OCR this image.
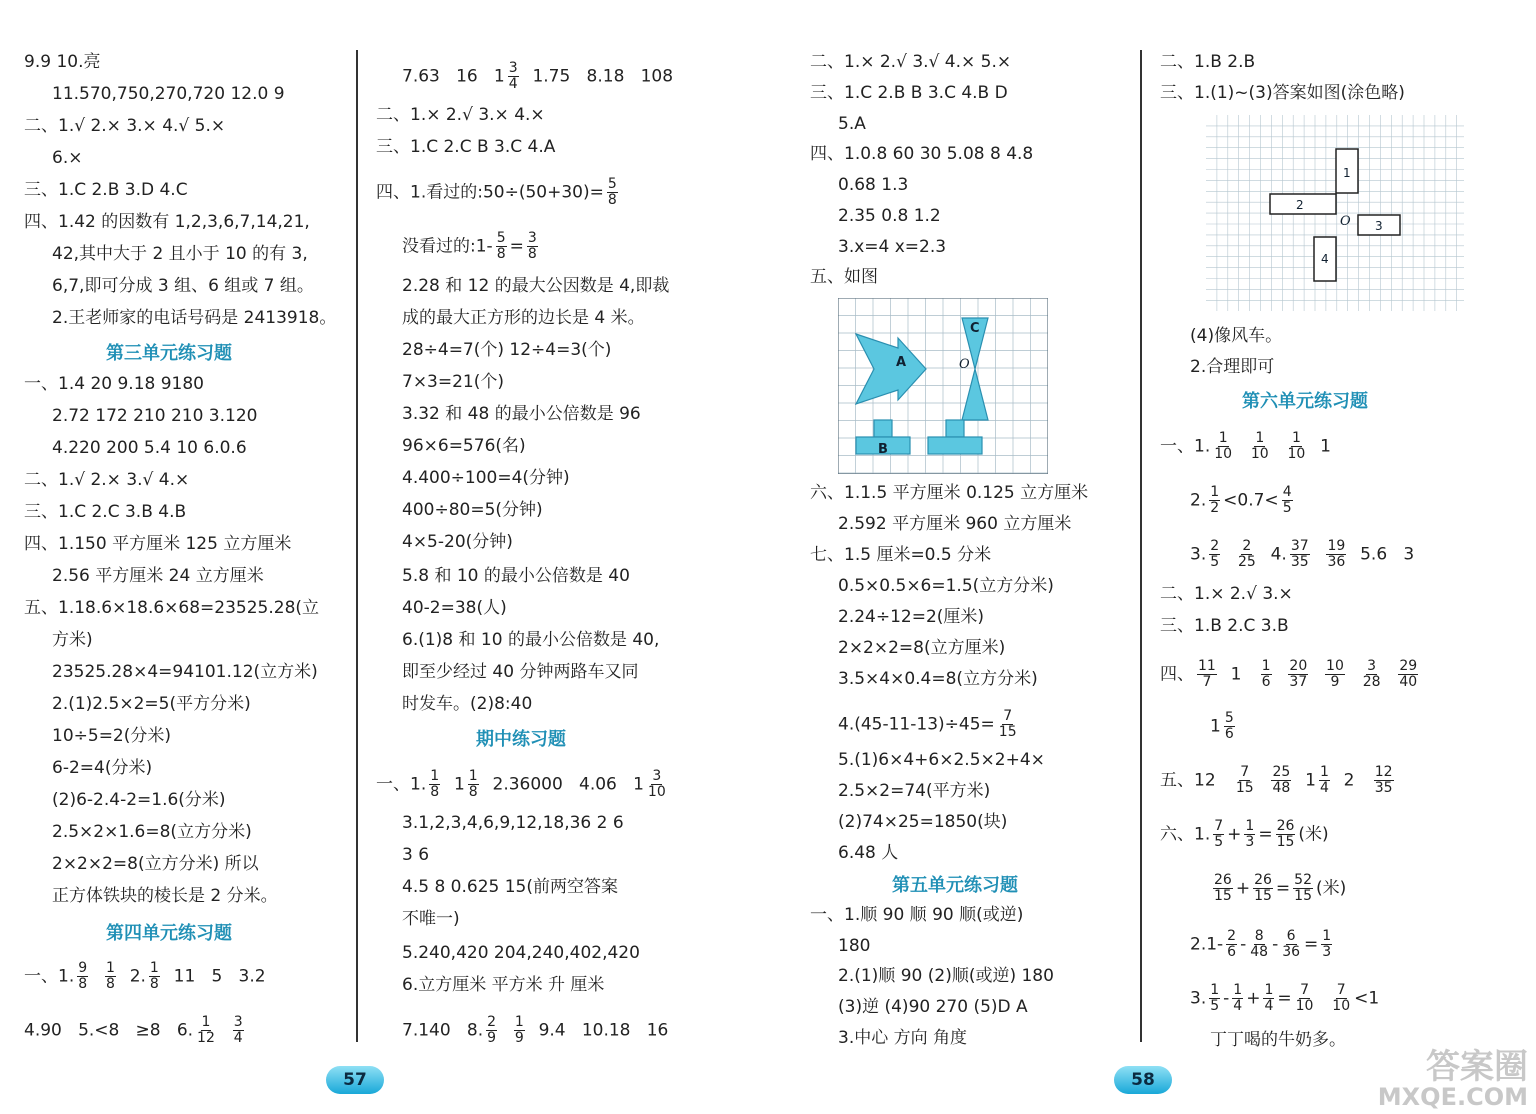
9.9 10.亮
11.570,750,270,720 12.0 9
二、1.√ 2.× 3.× 4.√ 5.×
6.×
三、1.C 2.B 3.D 4.C
四、1.42 的因数有 1,2,3,6,7,14,21,
42,其中大于 2 且小于 10 的有 3,
6,7,即可分成 3 组、6 组或 7 组。
2.王老师家的电话号码是 2413918。
第三单元练习题
一、1.4 20 9.18 9180
2.72 172 210 210 3.120
4.220 200 5.4 10 6.0.6
二、1.√ 2.× 3.√ 4.×
三、1.C 2.C 3.B 4.B
四、1.150 平方厘米 125 立方厘米
2.56 平方厘米 24 立方厘米
五、1.18.6×18.6×68=23525.28(立
方米)
23525.28×4=94101.12(立方米)
2.(1)2.5×2=5(平方分米)
10÷5=2(分米)
6-2=4(分米)
(2)6-2.4-2=1.6(分米)
2.5×2×1.6=8(立方分米)
2×2×2=8(立方分米) 所以
正方体铁块的棱长是 2 分米。
第四单元练习题
一、1. $\frac{9}{8}$
$\frac{1}{8} 2$. $\frac{1}{8} 11$   5   3.2
4.90   5.<8   ≥8   6. $\frac{1}{12}$
$\frac{3}{4}$
7.63   16   $1 \frac{3}{4} 1.75$   8.18   108
二、1.× 2.√ 3.× 4.×
三、1.C 2.C B 3.C 4.A
四、1.看过的:50÷(50+30)= $\frac{5}{8}$
没看过的:1- $\frac{5}{8} = \frac{3}{8}$
2.28 和 12 的最大公因数是 4,即裁
成的最大正方形的边长是 4 米。
28÷4=7(个) 12÷4=3(个)
7×3=21(个)
3.32 和 48 的最小公倍数是 96
96×6=576(名)
4.400÷100=4(分钟)
400÷80=5(分钟)
4×5-20(分钟)
5.8 和 10 的最小公倍数是 40
40-2=38(人)
6.(1)8 和 10 的最小公倍数是 40,
即至少经过 40 分钟两路车又同
时发车。(2)8:40
期中练习题
一、1. $\frac{1}{8} 1 \frac{1}{8} 2.36000$   4.06   $1 \frac{3}{10}$
3.1,2,3,4,6,9,12,18,36 2 6
3 6
4.5 8 0.625 15(前两空答案
不唯一)
5.240,420 204,240,402,420
6.立方厘米 平方米 升 厘米
7.140   8. $\frac{2}{9}$
$\frac{1}{9} 9.4$   10.18   16
二、1.× 2.√ 3.√ 4.× 5.×
三、1.C 2.B B 3.C 4.B D
5.A
四、1.0.8 60 30 5.08 8 4.8
0.68 1.3
2.35 0.8 1.2
3.x=4 x=2.3
五、如图
六、1.1.5 平方厘米 0.125 立方厘米
2.592 平方厘米 960 立方厘米
七、1.5 厘米=0.5 分米
0.5×0.5×6=1.5(立方分米)
2.24÷12=2(厘米)
2×2×2=8(立方厘米)
3.5×4×0.4=8(立方分米)
$4.(45-11-13)\div 45= \frac{7}{15}$
5.(1)6×4+6×2.5×2+4×
2.5×2=74(平方米)
(2)74×25=1850(块)
6.48 人
第五单元练习题
一、1.顺 90 顺 90 顺(或逆)
180
2.(1)顺 90 (2)顺(或逆) 180
(3)逆 (4)90 270 (5)D A
3.中心 方向 角度
二、1.B 2.B
三、1.(1)~(3)答案如图(涂色略)
(4)像风车。
2.合理即可
第六单元练习题
一、1. $\frac{1}{10}$
$\frac{1}{10}$
$\frac{1}{10} 1$
2. $\frac{1}{2} <0.7< \frac{4}{5}$
3. $\frac{2}{5}$
$\frac{2}{25} 4$. $\frac{37}{35}$
$\frac{19}{36} 5.6$   3
二、1.× 2.√ 3.×
三、1.B 2.C 3.B
四、 $\frac{11}{7} 1 \frac{1}{6}$
$\frac{20}{37}$
$\frac{10}{9}$
$\frac{3}{28}$
$\frac{29}{40}$
$1 \frac{5}{6}$
五、$12 \frac{7}{15}$
$\frac{25}{48} 1 \frac{1}{4} 2 \frac{12}{35}$
六、1. $\frac{7}{5} + \frac{1}{3} = \frac{26}{15}$ (米)
$\frac{26}{15} + \frac{26}{15} = \frac{52}{15}$ (米)
$2.1- \frac{2}{6} - \frac{8}{48} - \frac{6}{36} = \frac{1}{3}$
3. $\frac{1}{5} - \frac{1}{4} + \frac{1}{4} = \frac{7}{10}$
$\frac{7}{10} <1$
丁丁喝的牛奶多。
A
B
C
O
1
2
3
4
O
57	58	答案圈
MXQE.COM
